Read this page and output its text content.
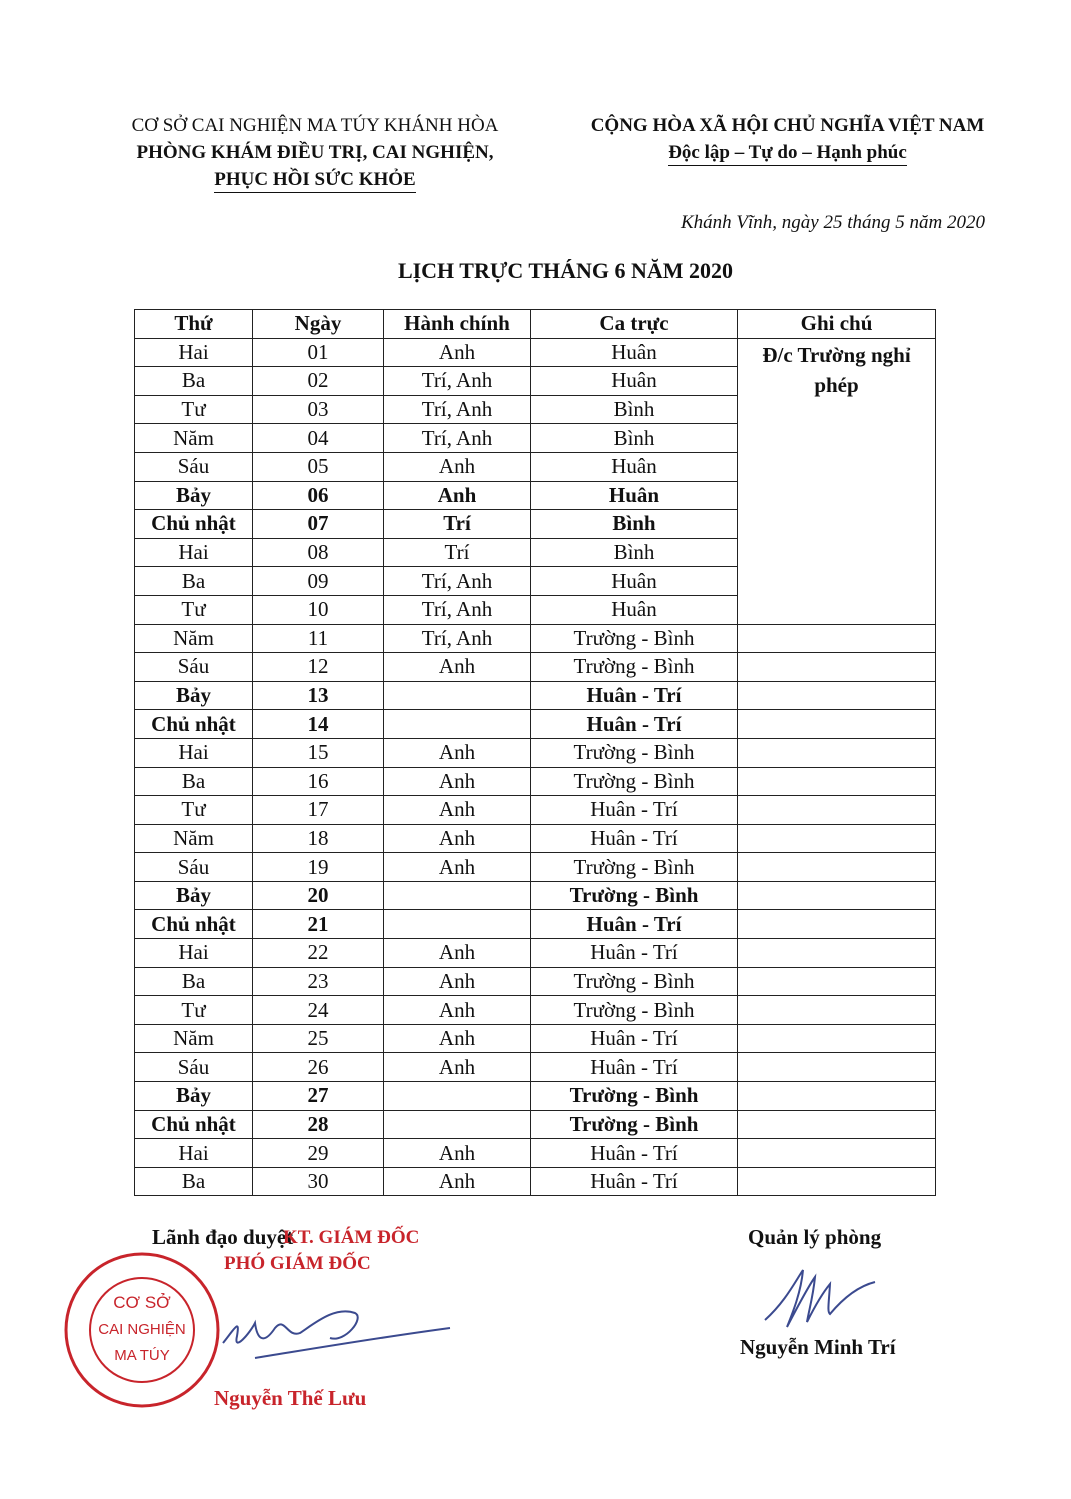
CƠ SỞ CAI NGHIỆN MA TÚY KHÁNH HÒA
PHÒNG KHÁM ĐIỀU TRỊ, CAI NGHIỆN,
PHỤC HỒI SỨC KHỎE
CỘNG HÒA XÃ HỘI CHỦ NGHĨA VIỆT NAM
Độc lập – Tự do – Hạnh phúc
Khánh Vĩnh, ngày 25 tháng 5 năm 2020
LỊCH TRỰC THÁNG 6 NĂM 2020
Thứ	Ngày	Hành chính	Ca trực	Ghi chú
Hai	01	Anh	Huân	Đ/c Trường nghỉ phép
Ba	02	Trí, Anh	Huân	
Tư	03	Trí, Anh	Bình	
Năm	04	Trí, Anh	Bình	
Sáu	05	Anh	Huân	
Bảy	06	Anh	Huân	
Chủ nhật	07	Trí	Bình	
Hai	08	Trí	Bình	
Ba	09	Trí, Anh	Huân	
Tư	10	Trí, Anh	Huân	
Năm	11	Trí, Anh	Trường - Bình	
Sáu	12	Anh	Trường - Bình	
Bảy	13		Huân - Trí	
Chủ nhật	14		Huân - Trí	
Hai	15	Anh	Trường - Bình	
Ba	16	Anh	Trường - Bình	
Tư	17	Anh	Huân - Trí	
Năm	18	Anh	Huân - Trí	
Sáu	19	Anh	Trường - Bình	
Bảy	20		Trường - Bình	
Chủ nhật	21		Huân - Trí	
Hai	22	Anh	Huân - Trí	
Ba	23	Anh	Trường - Bình	
Tư	24	Anh	Trường - Bình	
Năm	25	Anh	Huân - Trí	
Sáu	26	Anh	Huân - Trí	
Bảy	27		Trường - Bình	
Chủ nhật	28		Trường - Bình	
Hai	29	Anh	Huân - Trí	
Ba	30	Anh	Huân - Trí	
CƠ SỞ
CAI NGHIỆN
MA TÚY
Lãnh đạo duyệt
KT. GIÁM ĐỐC
PHÓ GIÁM ĐỐC
Nguyễn Thế Lưu
Quản lý phòng
Nguyễn Minh Trí
